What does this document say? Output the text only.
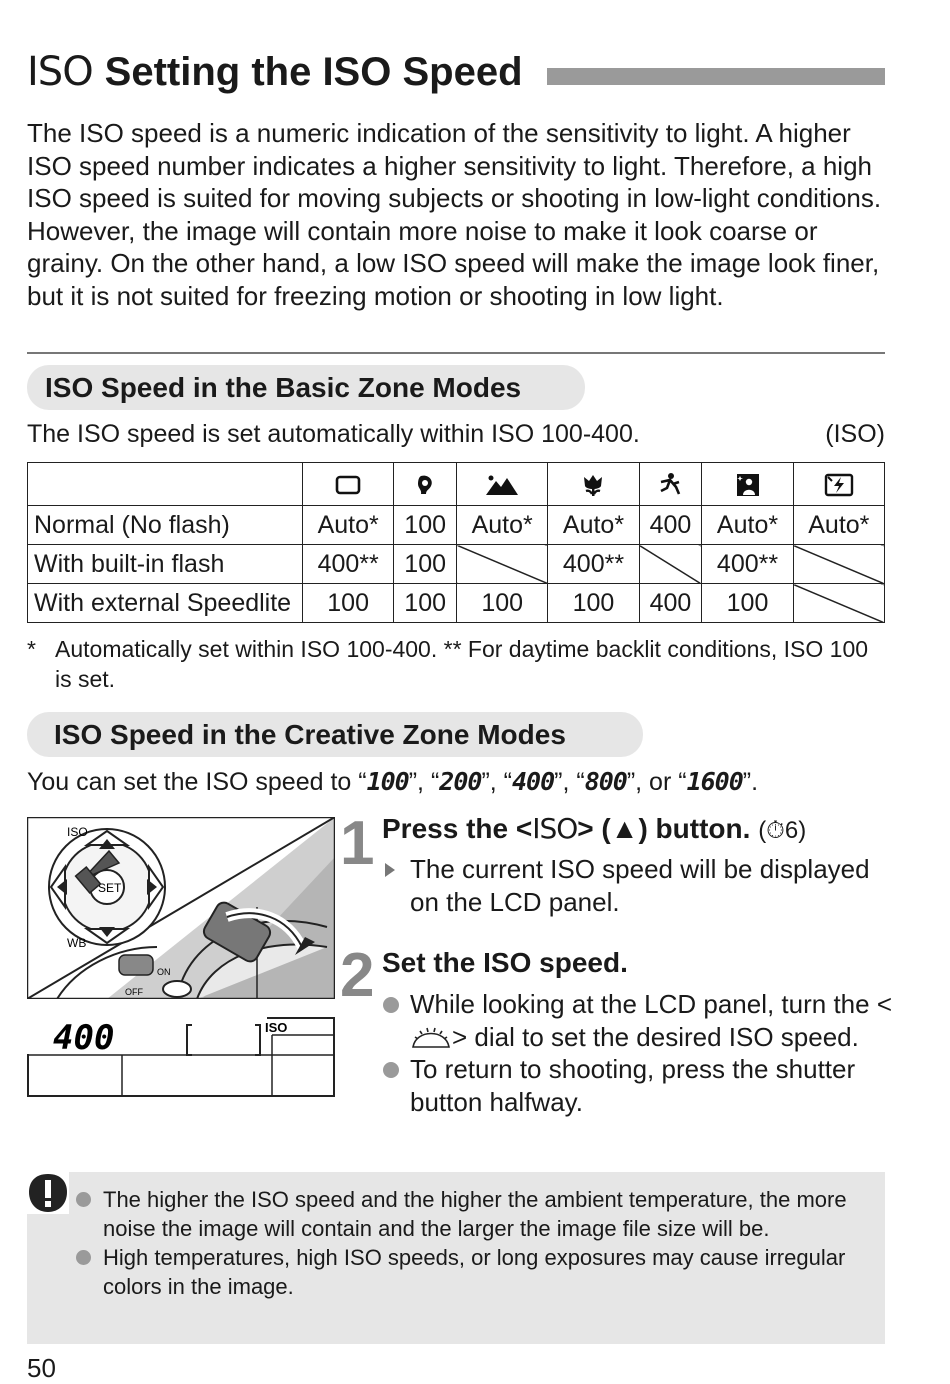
ISO Setting the ISO Speed
The ISO speed is a numeric indication of the sensitivity to light. A higher ISO speed number indicates a higher sensitivity to light. Therefore, a high ISO speed is suited for moving subjects or shooting in low-light conditions. However, the image will contain more noise to make it look coarse or grainy. On the other hand, a low ISO speed will make the image look finer, but it is not suited for freezing motion or shooting in low light.
ISO Speed in the Basic Zone Modes
The ISO speed is set automatically within ISO 100-400.	(ISO)

Normal (No flash)	Auto*	100	Auto*	Auto*	400	Auto*	Auto*
With built-in flash	400**	100		400**		400**	
With external Speedlite	100	100	100	100	400	100	
* Automatically set within ISO 100-400. ** For daytime backlit conditions, ISO 100 is set.
ISO Speed in the Creative Zone Modes
You can set the ISO speed to “100”, “200”, “400”, “800”, or “1600”.
SET
ISO
WB
ON
OFF
400	ISO
1 Press the <ISO> (▲) button. (⏱6)
The current ISO speed will be displayed on the LCD panel.
2 Set the ISO speed.
While looking at the LCD panel, turn the <> dial to set the desired ISO speed.
To return to shooting, press the shutter button halfway.
The higher the ISO speed and the higher the ambient temperature, the more noise the image will contain and the larger the image file size will be.
High temperatures, high ISO speeds, or long exposures may cause irregular colors in the image.
50
